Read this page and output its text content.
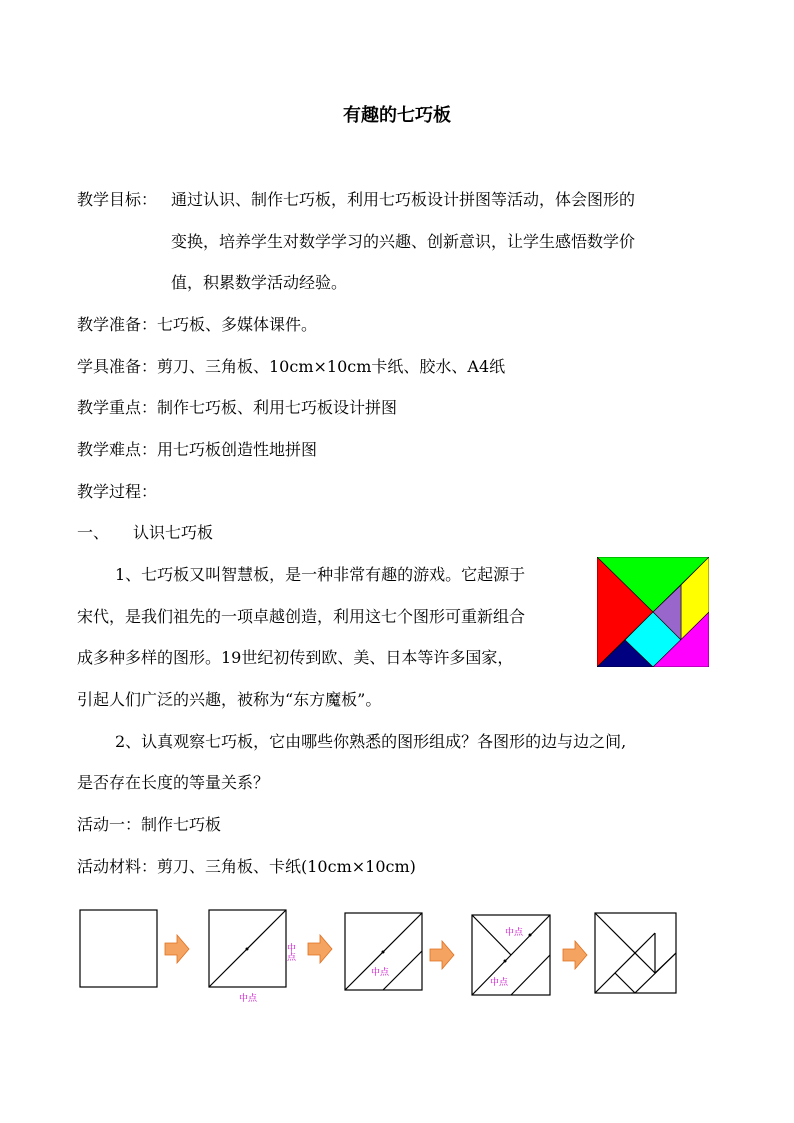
有趣的七巧板
教学目标： 通过认识、制作七巧板，利用七巧板设计拼图等活动，体会图形的
变换，培养学生对数学学习的兴趣、创新意识，让学生感悟数学价
值，积累数学活动经验。
教学准备：七巧板、多媒体课件。
学具准备：剪刀、三角板、10cm×10cm卡纸、胶水、A4纸
教学重点：制作七巧板、利用七巧板设计拼图
教学难点：用七巧板创造性地拼图
教学过程：
一、 认识七巧板
1、七巧板又叫智慧板，是一种非常有趣的游戏。它起源于
宋代，是我们祖先的一项卓越创造，利用这七个图形可重新组合
成多种多样的图形。19世纪初传到欧、美、日本等许多国家，
引起人们广泛的兴趣，被称为“东方魔板”。
2、认真观察七巧板，它由哪些你熟悉的图形组成？各图形的边与边之间,
是否存在长度的等量关系？
活动一：制作七巧板
活动材料：剪刀、三角板、卡纸(10cm×10cm)
中点
中点
中点
中点
中点
